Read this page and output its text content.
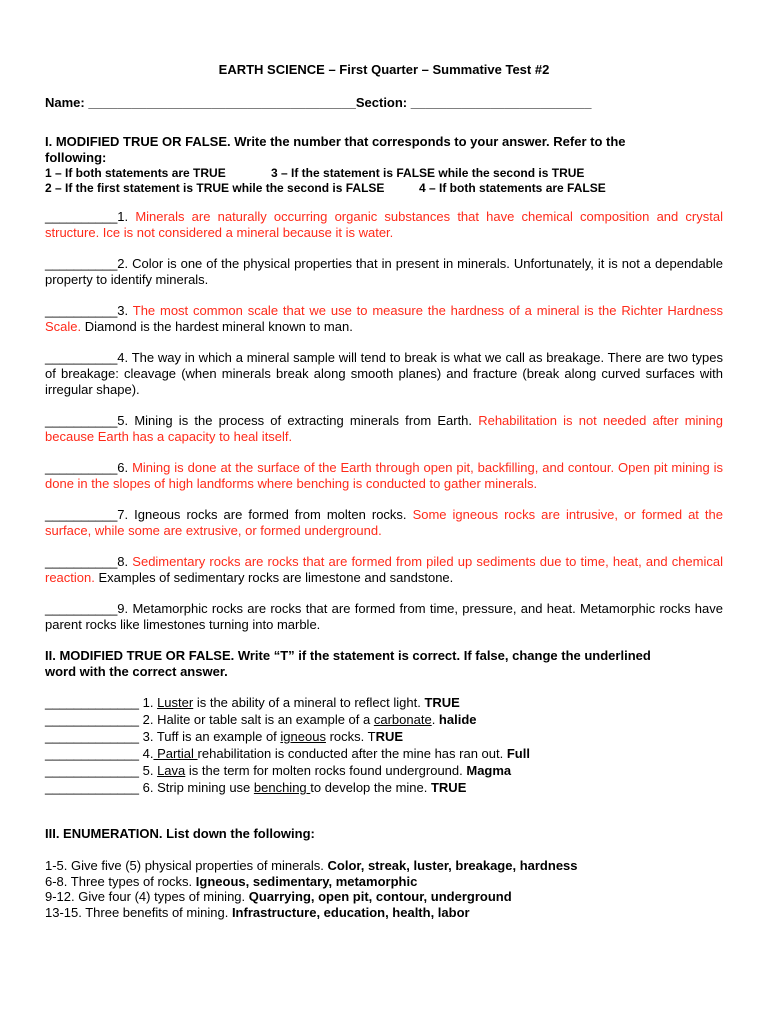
EARTH SCIENCE – First Quarter – Summative Test #2

Name: _____________________________________Section: _________________________

I. MODIFIED TRUE OR FALSE. Write the number that corresponds to your answer. Refer to the
following:

1 – If both statements are TRUE	3 – If the statement is FALSE while the second is TRUE
2 – If the first statement is TRUE while the second is FALSE	4 – If both statements are FALSE

__________1. Minerals are naturally occurring organic substances that have chemical composition and crystal structure. Ice is not considered a mineral because it is water.

__________2. Color is one of the physical properties that in present in minerals. Unfortunately, it is not a dependable property to identify minerals.

__________3. The most common scale that we use to measure the hardness of a mineral is the Richter Hardness Scale. Diamond is the hardest mineral known to man.

__________4. The way in which a mineral sample will tend to break is what we call as breakage. There are two types of breakage: cleavage (when minerals break along smooth planes) and fracture (break along curved surfaces with irregular shape).

__________5. Mining is the process of extracting minerals from Earth. Rehabilitation is not needed after mining because Earth has a capacity to heal itself.

__________6. Mining is done at the surface of the Earth through open pit, backfilling, and contour. Open pit mining is done in the slopes of high landforms where benching is conducted to gather minerals.

__________7. Igneous rocks are formed from molten rocks. Some igneous rocks are intrusive, or formed at the surface, while some are extrusive, or formed underground.

__________8. Sedimentary rocks are rocks that are formed from piled up sediments due to time, heat, and chemical reaction. Examples of sedimentary rocks are limestone and sandstone.

__________9. Metamorphic rocks are rocks that are formed from time, pressure, and heat. Metamorphic rocks have parent rocks like limestones turning into marble.

II. MODIFIED TRUE OR FALSE. Write “T” if the statement is correct. If false, change the underlined
word with the correct answer.

_____________ 1. Luster is the ability of a mineral to reflect light. TRUE
_____________ 2. Halite or table salt is an example of a carbonate. halide
_____________ 3. Tuff is an example of igneous rocks. TRUE
_____________ 4. Partial rehabilitation is conducted after the mine has ran out. Full
_____________ 5. Lava is the term for molten rocks found underground. Magma
_____________ 6. Strip mining use benching to develop the mine. TRUE

III. ENUMERATION. List down the following:

1-5. Give five (5) physical properties of minerals. Color, streak, luster, breakage, hardness
6-8. Three types of rocks. Igneous, sedimentary, metamorphic
9-12. Give four (4) types of mining. Quarrying, open pit, contour, underground
13-15. Three benefits of mining. Infrastructure, education, health, labor
